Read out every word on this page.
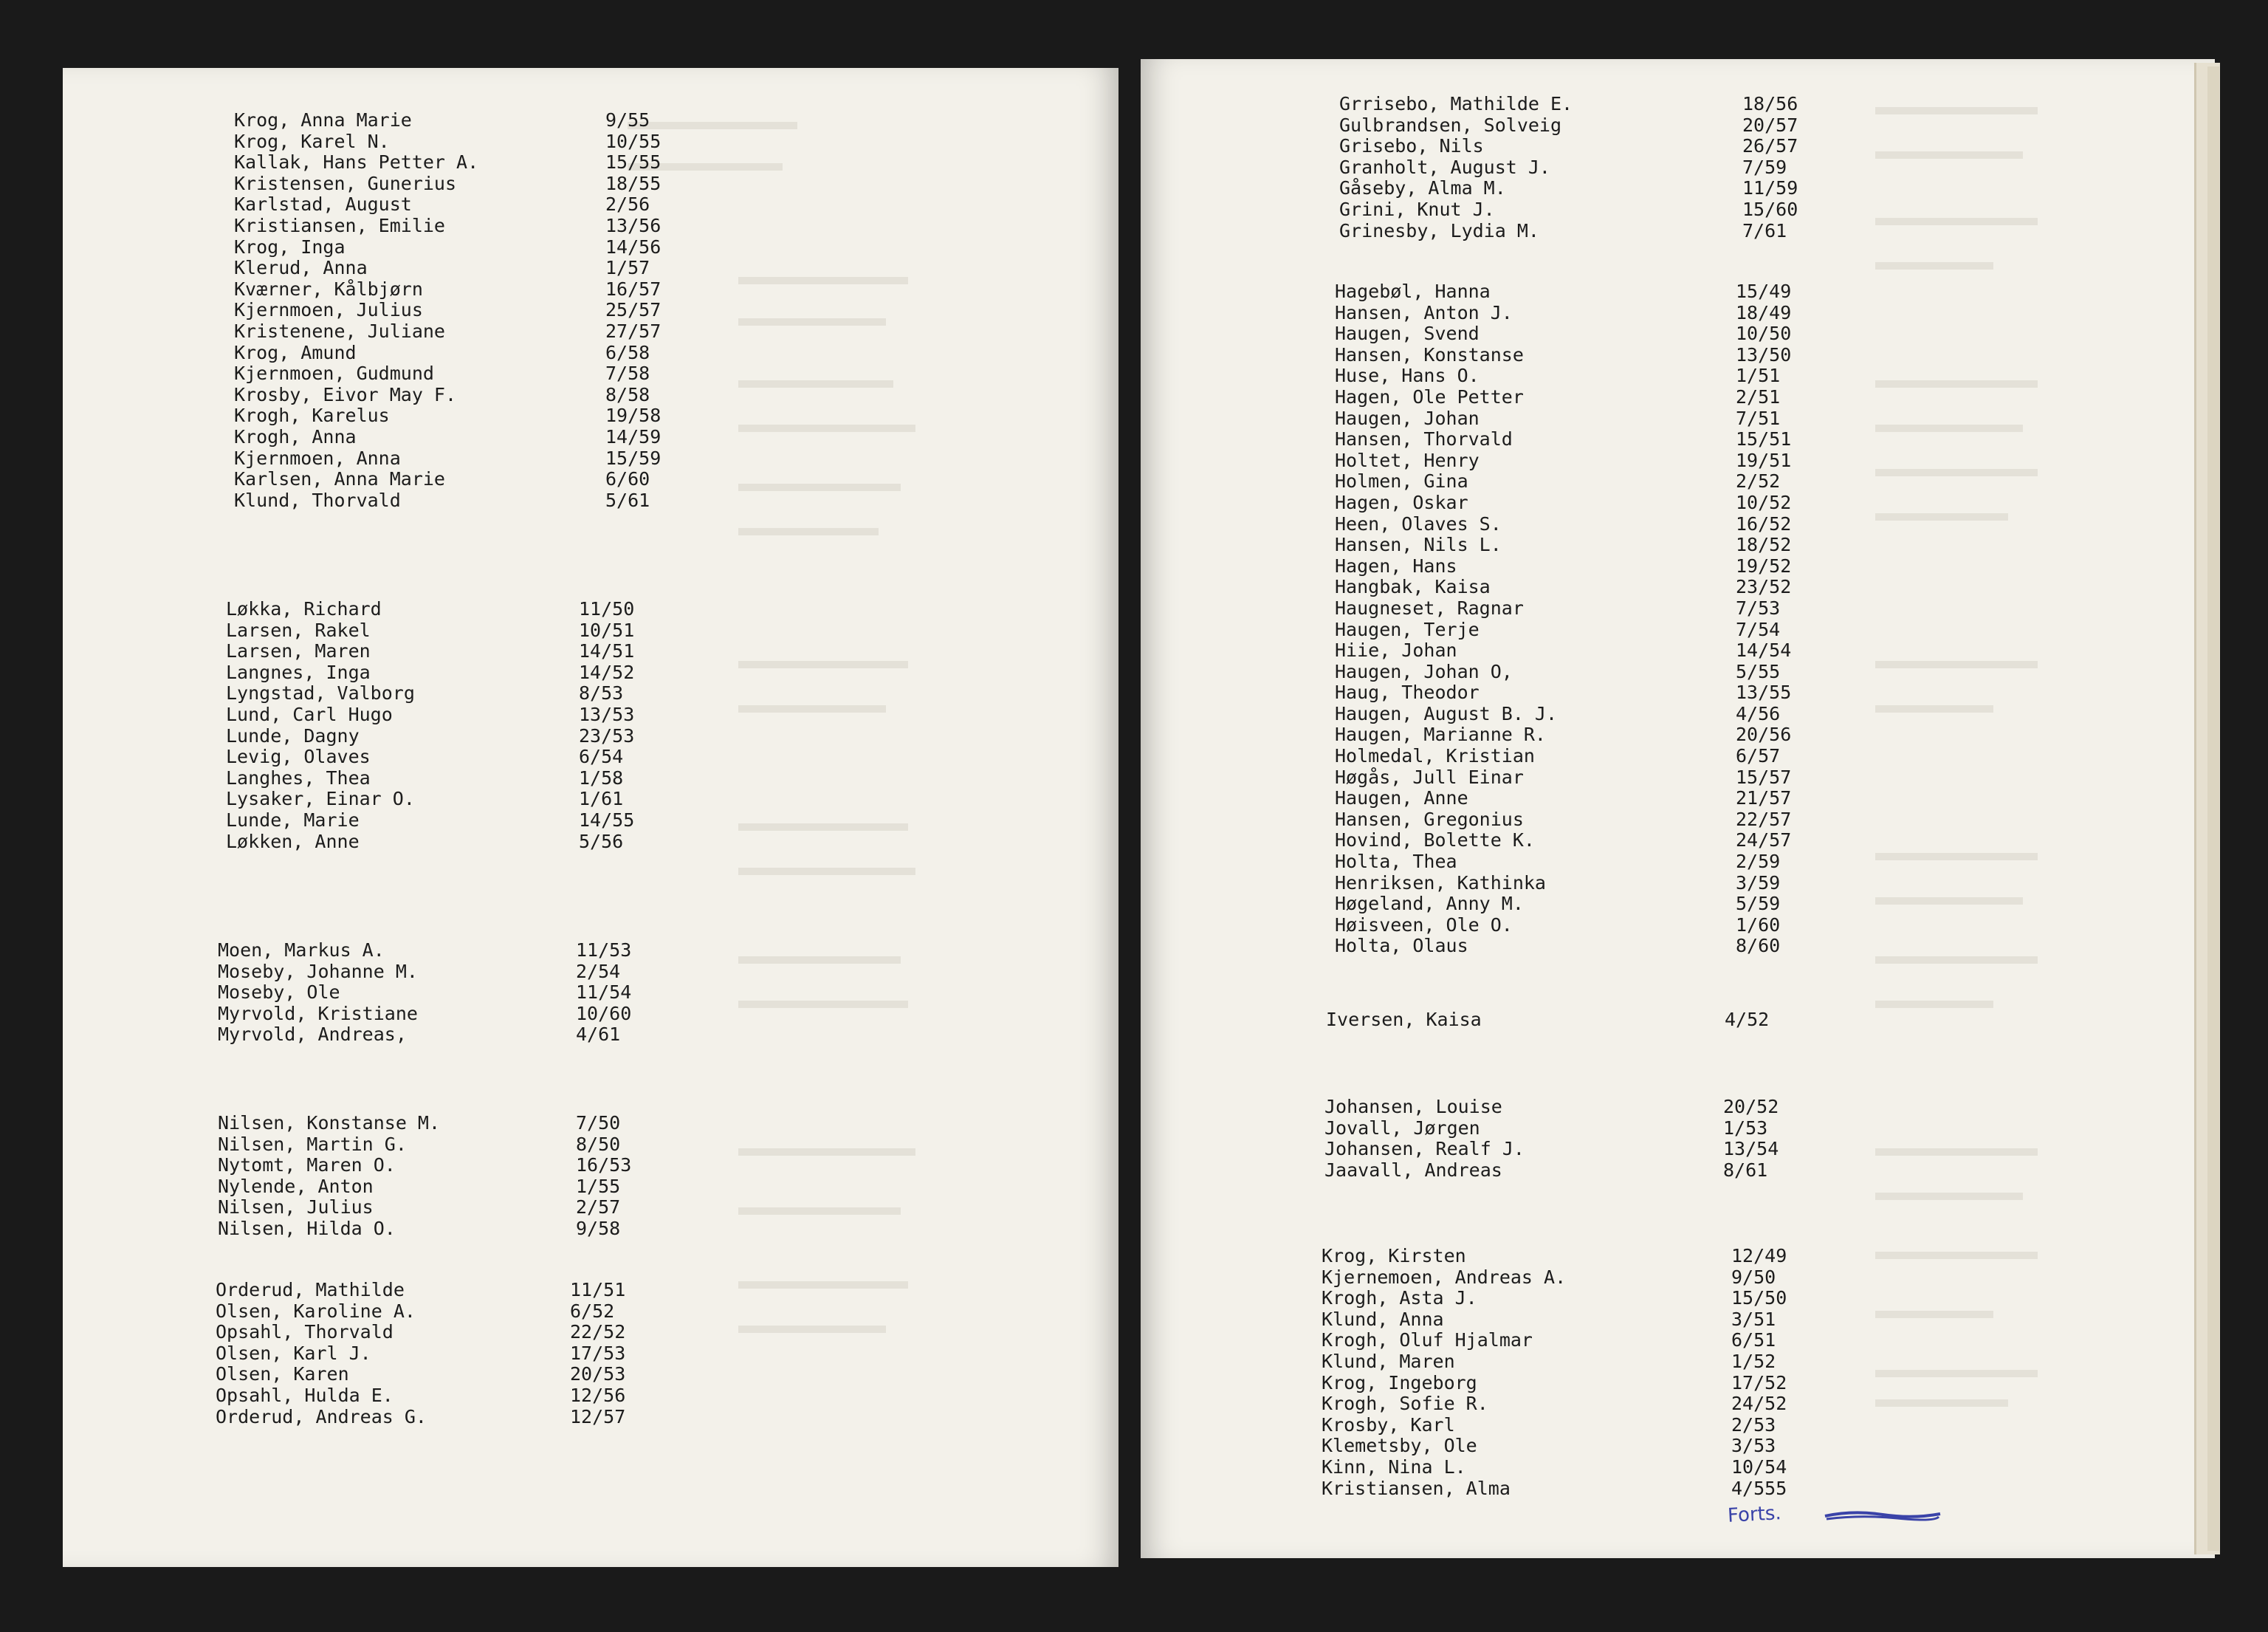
Krog, Anna Marie	9/55
Krog, Karel N.	10/55
Kallak, Hans Petter A.	15/55
Kristensen, Gunerius	18/55
Karlstad, August	2/56
Kristiansen, Emilie	13/56
Krog, Inga	14/56
Klerud, Anna	1/57
Kværner, Kålbjørn	16/57
Kjernmoen, Julius	25/57
Kristenene, Juliane	27/57
Krog, Amund	6/58
Kjernmoen, Gudmund	7/58
Krosby, Eivor May F.	8/58
Krogh, Karelus	19/58
Krogh, Anna	14/59
Kjernmoen, Anna	15/59
Karlsen, Anna Marie	6/60
Klund, Thorvald	5/61
Løkka, Richard	11/50
Larsen, Rakel	10/51
Larsen, Maren	14/51
Langnes, Inga	14/52
Lyngstad, Valborg	8/53
Lund, Carl Hugo	13/53
Lunde, Dagny	23/53
Levig, Olaves	6/54
Langhes, Thea	1/58
Lysaker, Einar O.	1/61
Lunde, Marie	14/55
Løkken, Anne	5/56
Moen, Markus A.	11/53
Moseby, Johanne M.	2/54
Moseby, Ole	11/54
Myrvold, Kristiane	10/60
Myrvold, Andreas,	4/61
Nilsen, Konstanse M.	7/50
Nilsen, Martin G.	8/50
Nytomt, Maren O.	16/53
Nylende, Anton	1/55
Nilsen, Julius	2/57
Nilsen, Hilda O.	9/58
Orderud, Mathilde	11/51
Olsen, Karoline A.	6/52
Opsahl, Thorvald	22/52
Olsen, Karl J.	17/53
Olsen, Karen	20/53
Opsahl, Hulda E.	12/56
Orderud, Andreas G.	12/57
Grrisebo, Mathilde E.	18/56
Gulbrandsen, Solveig	20/57
Grisebo, Nils	26/57
Granholt, August J.	7/59
Gåseby, Alma M.	11/59
Grini, Knut J.	15/60
Grinesby, Lydia M.	7/61
Hagebøl, Hanna	15/49
Hansen, Anton J.	18/49
Haugen, Svend	10/50
Hansen, Konstanse	13/50
Huse, Hans O.	1/51
Hagen, Ole Petter	2/51
Haugen, Johan	7/51
Hansen, Thorvald	15/51
Holtet, Henry	19/51
Holmen, Gina	2/52
Hagen, Oskar	10/52
Heen, Olaves S.	16/52
Hansen, Nils L.	18/52
Hagen, Hans	19/52
Hangbak, Kaisa	23/52
Haugneset, Ragnar	7/53
Haugen, Terje	7/54
Hiie, Johan	14/54
Haugen, Johan O,	5/55
Haug, Theodor	13/55
Haugen, August B. J.	4/56
Haugen, Marianne R.	20/56
Holmedal, Kristian	6/57
Høgås, Jull Einar	15/57
Haugen, Anne	21/57
Hansen, Gregonius	22/57
Hovind, Bolette K.	24/57
Holta, Thea	2/59
Henriksen, Kathinka	3/59
Høgeland, Anny M.	5/59
Høisveen, Ole O.	1/60
Holta, Olaus	8/60
Iversen, Kaisa	4/52
Johansen, Louise	20/52
Jovall, Jørgen	1/53
Johansen, Realf J.	13/54
Jaavall, Andreas	8/61
Krog, Kirsten	12/49
Kjernemoen, Andreas A.	9/50
Krogh, Asta J.	15/50
Klund, Anna	3/51
Krogh, Oluf Hjalmar	6/51
Klund, Maren	1/52
Krog, Ingeborg	17/52
Krogh, Sofie R.	24/52
Krosby, Karl	2/53
Klemetsby, Ole	3/53
Kinn, Nina L.	10/54
Kristiansen, Alma	4/555
Forts.
